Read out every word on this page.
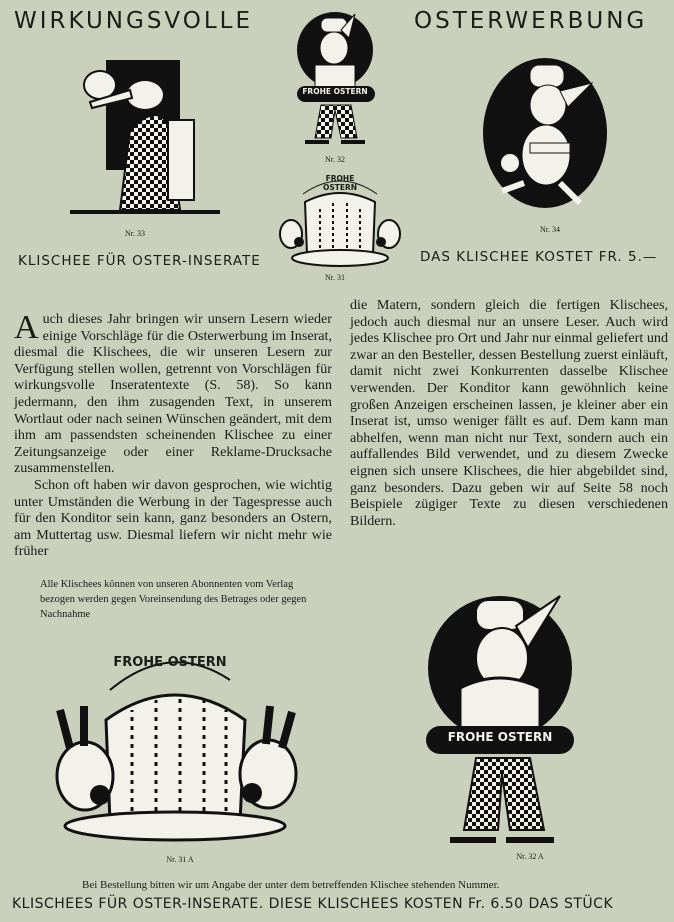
WIRKUNGSVOLLE	OSTERWERBUNG
Nr. 33
FROHE OSTERN
Nr. 32
FROHE OSTERN
Nr. 31
Nr. 34
KLISCHEE FÜR OSTER-INSERATE	DAS KLISCHEE KOSTET FR. 5.—

Auch dieses Jahr bringen wir unsern Lesern wieder einige Vorschläge für die Osterwerbung im Inserat, diesmal die Klischees, die wir unseren Lesern zur Verfügung stellen wollen, getrennt von Vorschlägen für wirkungsvolle Inseratentexte (S. 58). So kann jedermann, den ihm zusagenden Text, in unserem Wortlaut oder nach seinen Wünschen geändert, mit dem ihm am passendsten scheinenden Klischee zu einer Zeitungsanzeige oder einer Reklame-Drucksache zusammenstellen.

Schon oft haben wir davon gesprochen, wie wichtig unter Umständen die Werbung in der Tagespresse auch für den Konditor sein kann, ganz besonders an Ostern, am Muttertag usw. Diesmal liefern wir nicht mehr wie früher

die Matern, sondern gleich die fertigen Klischees, jedoch auch diesmal nur an unsere Leser. Auch wird jedes Klischee pro Ort und Jahr nur einmal geliefert und zwar an den Besteller, dessen Bestellung zuerst einläuft, damit nicht zwei Konkurrenten dasselbe Klischee verwenden. Der Konditor kann gewöhnlich keine großen Anzeigen erscheinen lassen, je kleiner aber ein Inserat ist, umso weniger fällt es auf. Dem kann man abhelfen, wenn man nicht nur Text, sondern auch ein auffallendes Bild verwendet, und zu diesem Zwecke eignen sich unsere Klischees, die hier abgebildet sind, ganz besonders. Dazu geben wir auf Seite 58 noch Beispiele zügiger Texte zu diesen verschiedenen Bildern.

Alle Klischees können von unseren Abonnenten vom Verlag bezogen werden gegen Voreinsendung des Betrages oder gegen Nachnahme
FROHE OSTERN
Nr. 31 A
FROHE OSTERN
Nr. 32 A
Bei Bestellung bitten wir um Angabe der unter dem betreffenden Klischee stehenden Nummer.
KLISCHEES FÜR OSTER-INSERATE. DIESE KLISCHEES KOSTEN Fr. 6.50 DAS STÜCK
